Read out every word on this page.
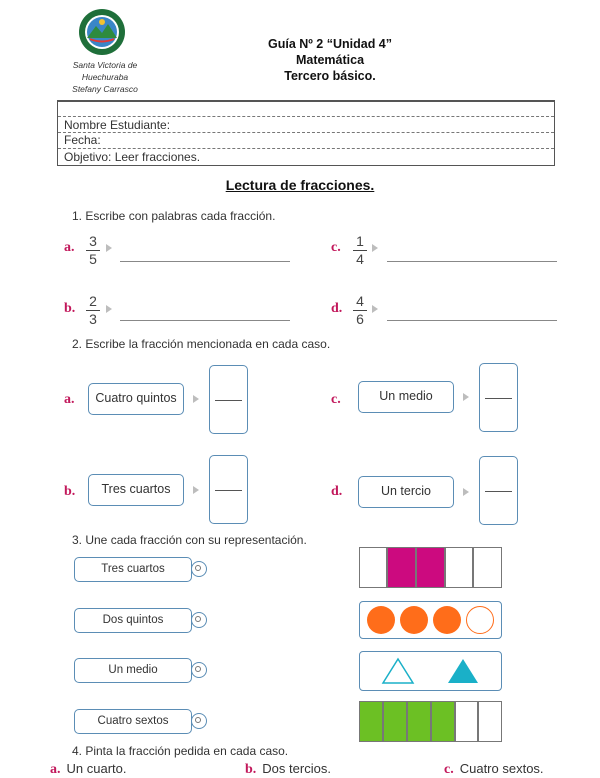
Santa Victoria de
Huechuraba
Stefany Carrasco
Guía Nº 2 “Unidad 4”
Matemática
Tercero básico.
Nombre Estudiante:
Fecha:
Objetivo: Leer fracciones.
Lectura de fracciones.
1. Escribe con palabras cada fracción.
a. 3
5
c. 1
4
b. 2
3
d. 4
6
2. Escribe la fracción mencionada en cada caso.
a.	Cuatro quintos	c.	Un medio
b.	Tres cuartos	d.	Un tercio
3. Une cada fracción con su representación.
Tres cuartos
Dos quintos
Un medio
Cuatro sextos
4. Pinta la fracción pedida en cada caso.
a. Un cuarto.	b. Dos tercios.	c. Cuatro sextos.
